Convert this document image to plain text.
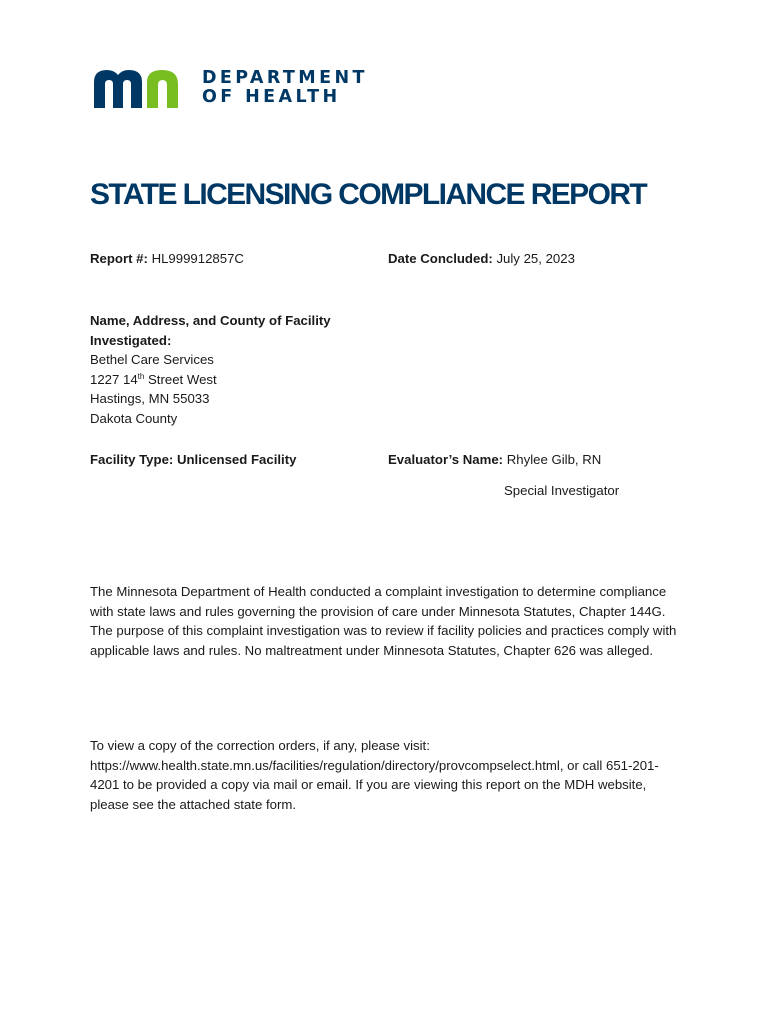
DEPARTMENT
OF HEALTH
STATE LICENSING COMPLIANCE REPORT
Report #: HL999912857C	Date Concluded: July 25, 2023
Name, Address, and County of Facility Investigated:
Bethel Care Services
1227 14th Street West
Hastings, MN 55033
Dakota County
Facility Type: Unlicensed Facility	Evaluator’s Name: Rhylee Gilb, RN
Special Investigator

The Minnesota Department of Health conducted a complaint investigation to determine compliance with state laws and rules governing the provision of care under Minnesota Statutes, Chapter 144G. The purpose of this complaint investigation was to review if facility policies and practices comply with applicable laws and rules. No maltreatment under Minnesota Statutes, Chapter 626 was alleged.

To view a copy of the correction orders, if any, please visit: https://www.health.state.mn.us/facilities/regulation/directory/provcompselect.html, or call 651-201-4201 to be provided a copy via mail or email. If you are viewing this report on the MDH website, please see the attached state form.
